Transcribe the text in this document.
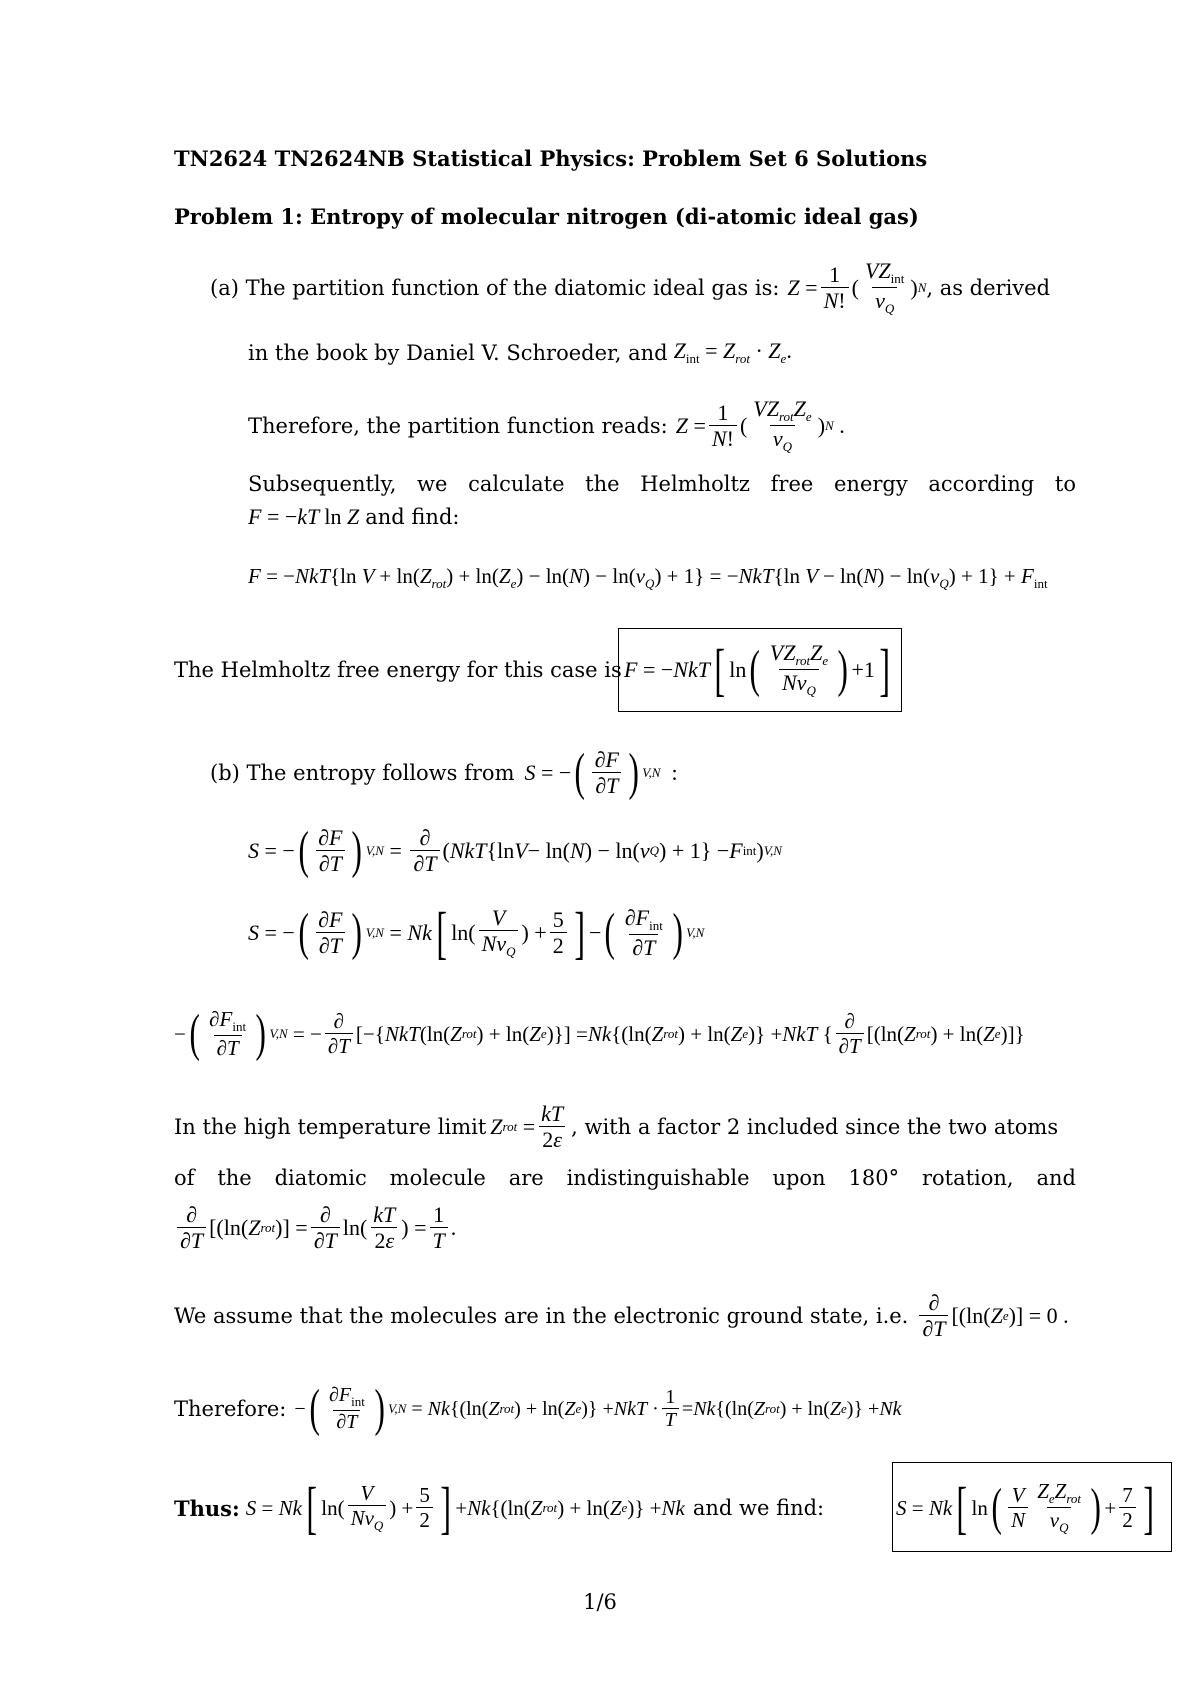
TN2624 TN2624NB Statistical Physics: Problem Set 6 Solutions
Problem 1: Entropy of molecular nitrogen (di-atomic ideal gas)
(a) The partition function of the diatomic ideal gas is: $Z = \frac{1}{N!}$ ( $\frac{VZ_{int}}{v_Q}$ ) N , as derived
in the book by Daniel V. Schroeder, and $Z_{int} = Z_{rot} \cdot Z_e$.
Therefore, the partition function reads: $Z = \frac{1}{N!}$ ( $\frac{VZ_{rot}Z_e}{v_Q}$ ) N .
Subsequently, we calculate the Helmholtz free energy according to
F = −kT ln Z and find:
F = −NkT{ln $V + \ln(Z_{rot}) + \ln(Z_e) - \ln(N) - \ln(v_Q) + 1\} = -NkT\{\ln$ $V - \ln(N) - \ln(v_Q) + 1\} + F_{int}$
The Helmholtz free energy for this case is F = − NkT [ ln ( $\frac{VZ_{rot}Z_e}{Nv_Q}$ ) +1 ]
(b) The entropy follows from S = − ( $\frac{\partial F}{\partial T}$ ) V,N :
S = − ( $\frac{\partial F}{\partial T}$ ) $V,N = \frac{\partial}{\partial T}$ ( NkT {ln V − ln( N ) − ln( v Q ) + 1} − F int ) V,N
S = − ( $\frac{\partial F}{\partial T}$ ) V,N = Nk [ $\ln( \frac{V}{Nv_Q}$ ) + $\frac{5}{2}$ ] − ( $\frac{\partial F_{int}}{\partial T}$ ) V,N
− ( $\frac{\partial F_{int}}{\partial T}$ ) V,N = − $\frac{\partial}{\partial T}$ [−{ NkT (ln( Z rot ) + ln( Z e )}] = Nk {(ln( Z rot ) + ln( Z e )} + NkT { $\frac{\partial}{\partial T} [(\ln$( Z rot ) + ln( Z e )]}
In the high temperature limit Z rot
= $\frac{kT}{2\varepsilon}$ , with a factor 2 included since the two atoms
of the diatomic molecule are indistinguishable upon 180° rotation, and
$\frac{\partial}{\partial T} [(\ln$( Z rot )] = $\frac{\partial}{\partial T} \ln( \frac{kT}{2\varepsilon}$ ) = $\frac{1}{T}$ .
We assume that the molecules are in the electronic ground state, i.e. $\frac{\partial}{\partial T} [(\ln$( Z e )] = 0 .
Therefore: − ( $\frac{\partial F_{int}}{\partial T}$ ) V,N = Nk {(ln( Z rot ) + ln( Z e )} + NkT · $\frac{1}{T} = Nk$ {(ln( Z rot ) + ln( Z e )} + Nk
Thus: S = Nk [ $\ln( \frac{V}{Nv_Q}$ ) + $\frac{5}{2}$ ] + Nk {(ln( Z rot ) + ln( Z e )} + Nk and we find:	S = Nk [ ln ( $\frac{V}{N} \frac{Z_eZ_{rot}}{v_Q}$ ) + $\frac{7}{2}$ ]
1/6
